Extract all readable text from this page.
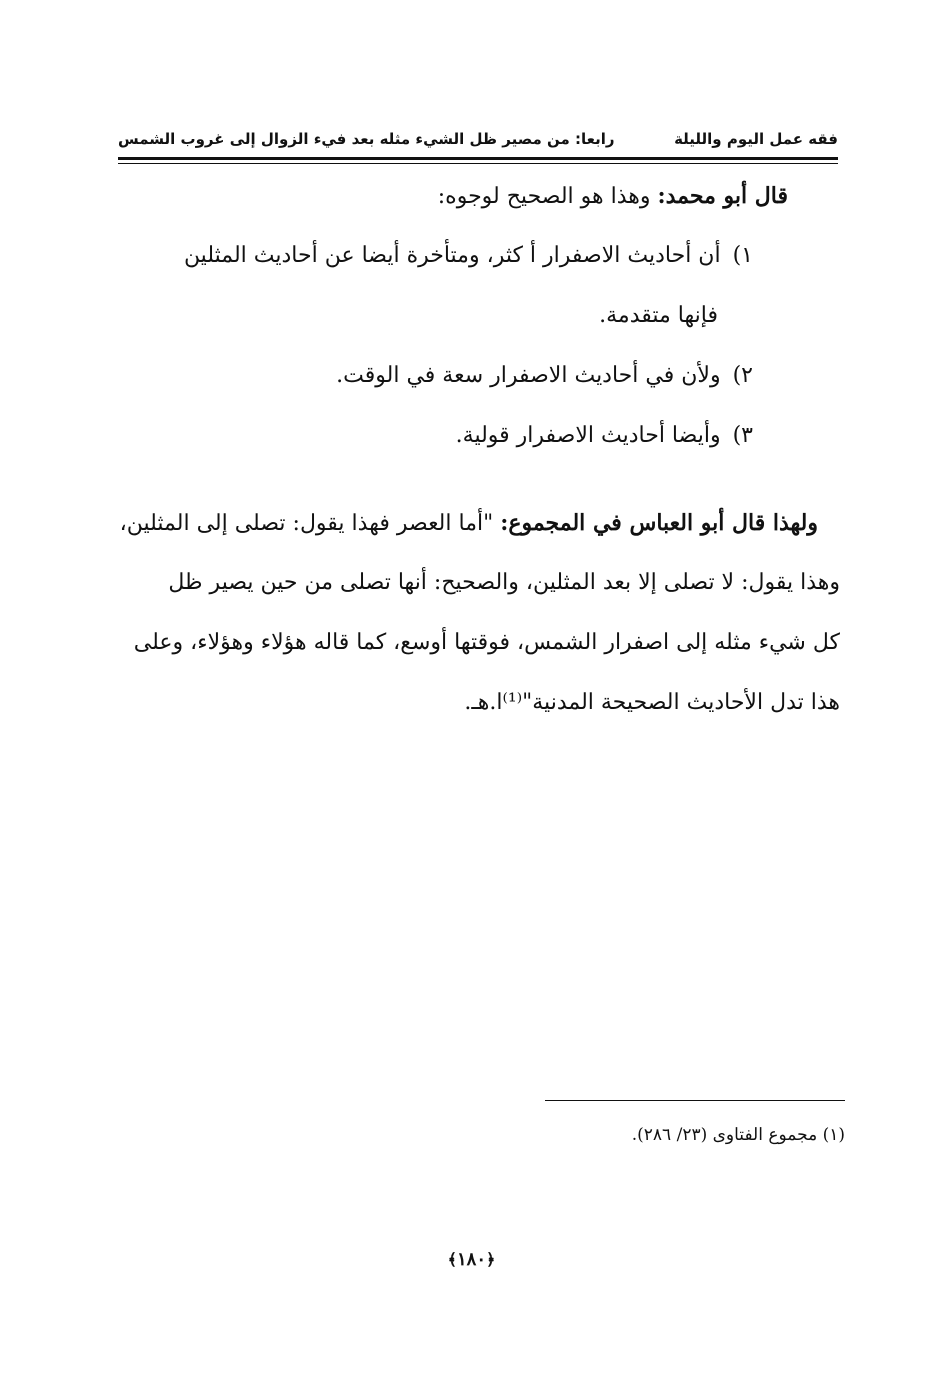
فقه عمل اليوم والليلة
رابعا: من مصير ظل الشيء مثله بعد فيء الزوال إلى غروب الشمس
قال أبو محمد: وهذا هو الصحيح لوجوه:
١)أن أحاديث الاصفرار أ كثر، ومتأخرة أيضا عن أحاديث المثلين
فإنها متقدمة.
٢)ولأن في أحاديث الاصفرار سعة في الوقت.
٣)وأيضا أحاديث الاصفرار قولية.
ولهذا قال أبو العباس في المجموع: "أما العصر فهذا يقول: تصلى إلى المثلين،
وهذا يقول: لا تصلى إلا بعد المثلين، والصحيح: أنها تصلى من حين يصير ظل
كل شيء مثله إلى اصفرار الشمس، فوقتها أوسع، كما قاله هؤلاء وهؤلاء، وعلى
هذا تدل الأحاديث الصحيحة المدنية"⁽¹⁾ا.هـ.
(١) مجموع الفتاوى (٢٣/ ٢٨٦).
﴿١٨٠﴾
